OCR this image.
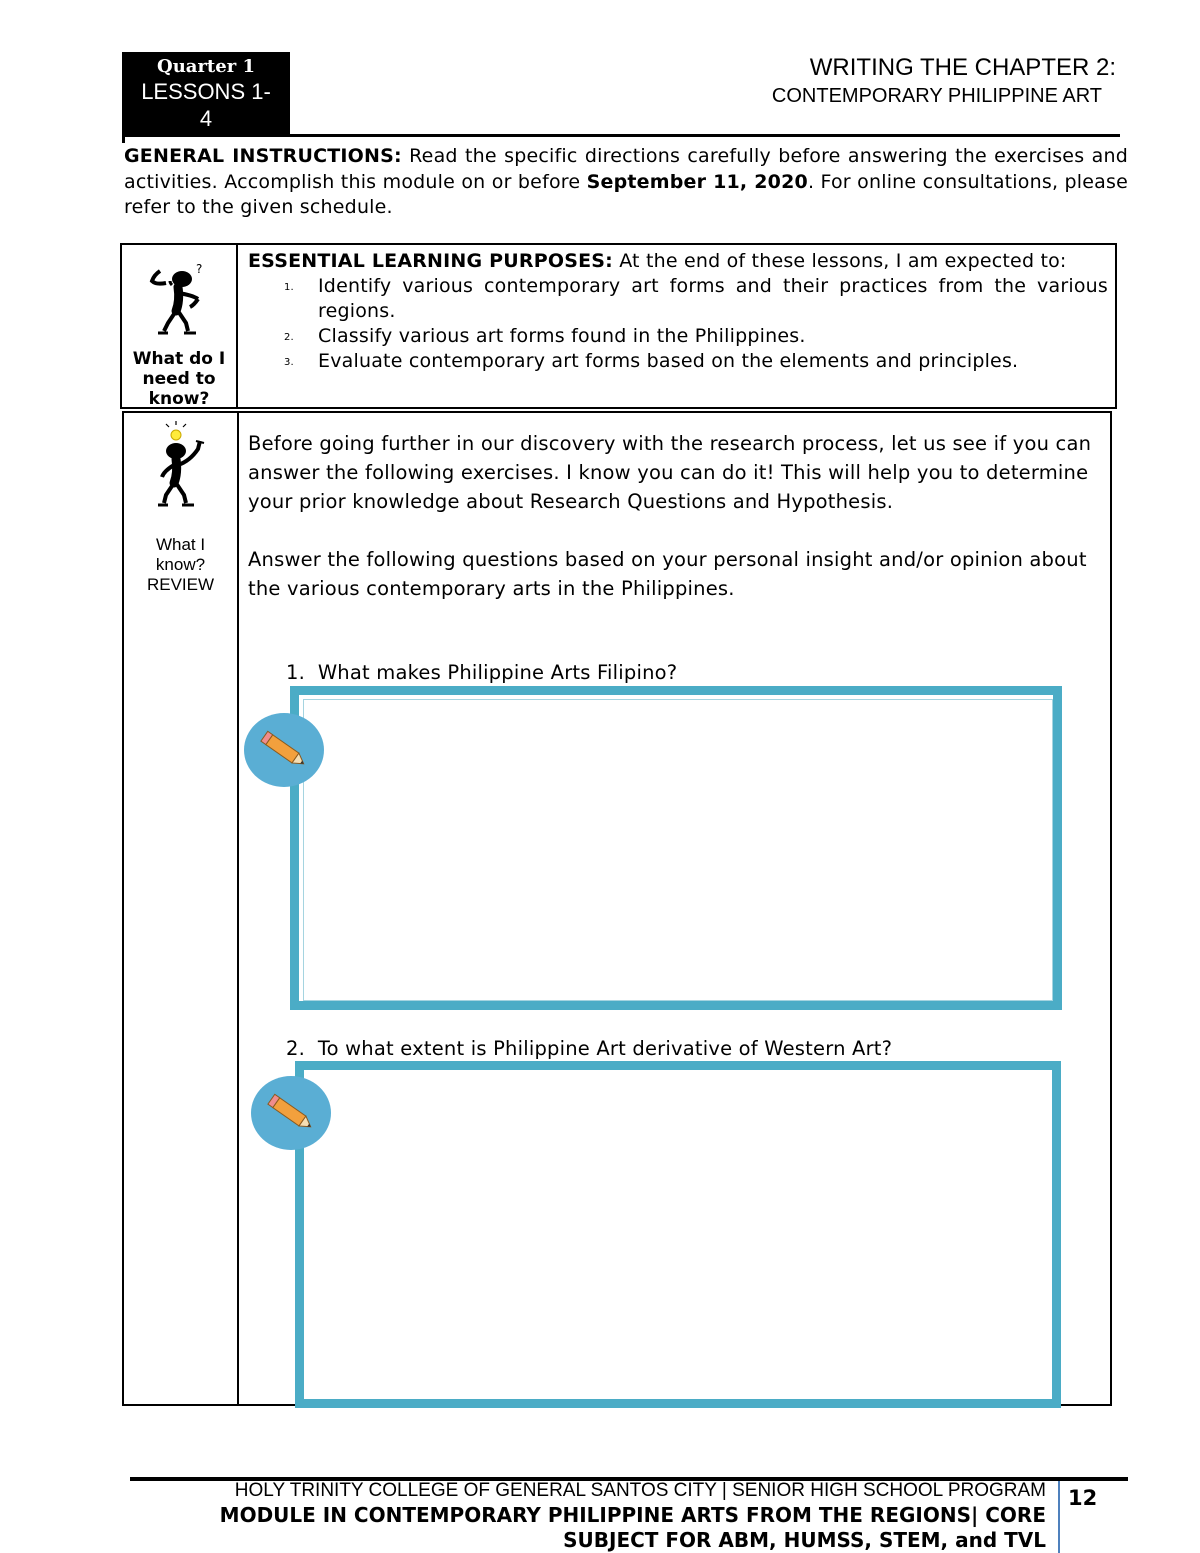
Quarter 1
LESSONS 1-
4
WRITING THE CHAPTER 2:
CONTEMPORARY PHILIPPINE ART
GENERAL INSTRUCTIONS: Read the specific directions carefully before answering the exercises and activities. Accomplish this module on or before September 11, 2020. For online consultations, please refer to the given schedule.
?
What do I need to know?
ESSENTIAL LEARNING PURPOSES: At the end of these lessons, I am expected to:
1. Identify various contemporary art forms and their practices from the various regions.
2. Classify various art forms found in the Philippines.
3. Evaluate contemporary art forms based on the elements and principles.
What I
know?
REVIEW

Before going further in our discovery with the research process, let us see if you can answer the following exercises. I know you can do it! This will help you to determine your prior knowledge about Research Questions and Hypothesis.

Answer the following questions based on your personal insight and/or opinion about the various contemporary arts in the Philippines.

1. What makes Philippine Arts Filipino?
2. To what extent is Philippine Art derivative of Western Art?
HOLY TRINITY COLLEGE OF GENERAL SANTOS CITY | SENIOR HIGH SCHOOL PROGRAM
MODULE IN CONTEMPORARY PHILIPPINE ARTS FROM THE REGIONS| CORE SUBJECT FOR ABM, HUMSS, STEM, and TVL
12
